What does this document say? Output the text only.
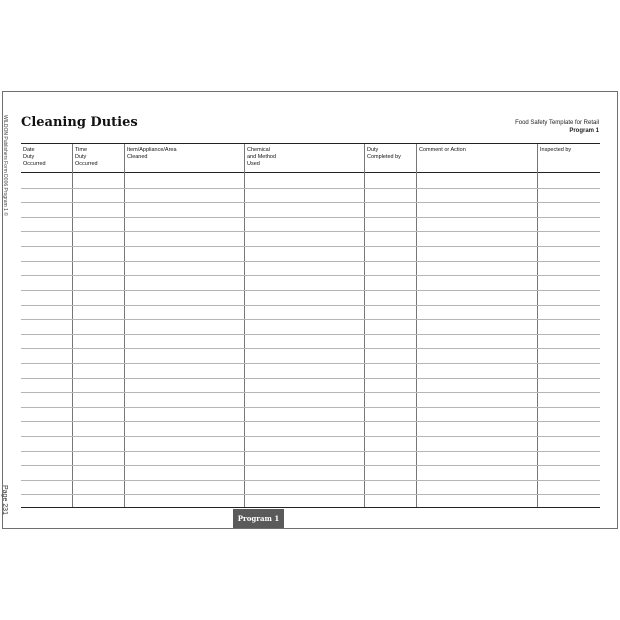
WILDON Publishers Form D006 Program 1 ©
Page 231
Cleaning Duties	Food Safety Template for Retail
Program 1
Date
Duty
Occurred
Time
Duty
Occurred
Item/Appliance/Area
Cleaned
Chemical
and Method
Used
Duty
Completed by
Comment or Action	Inspected by
Program 1
